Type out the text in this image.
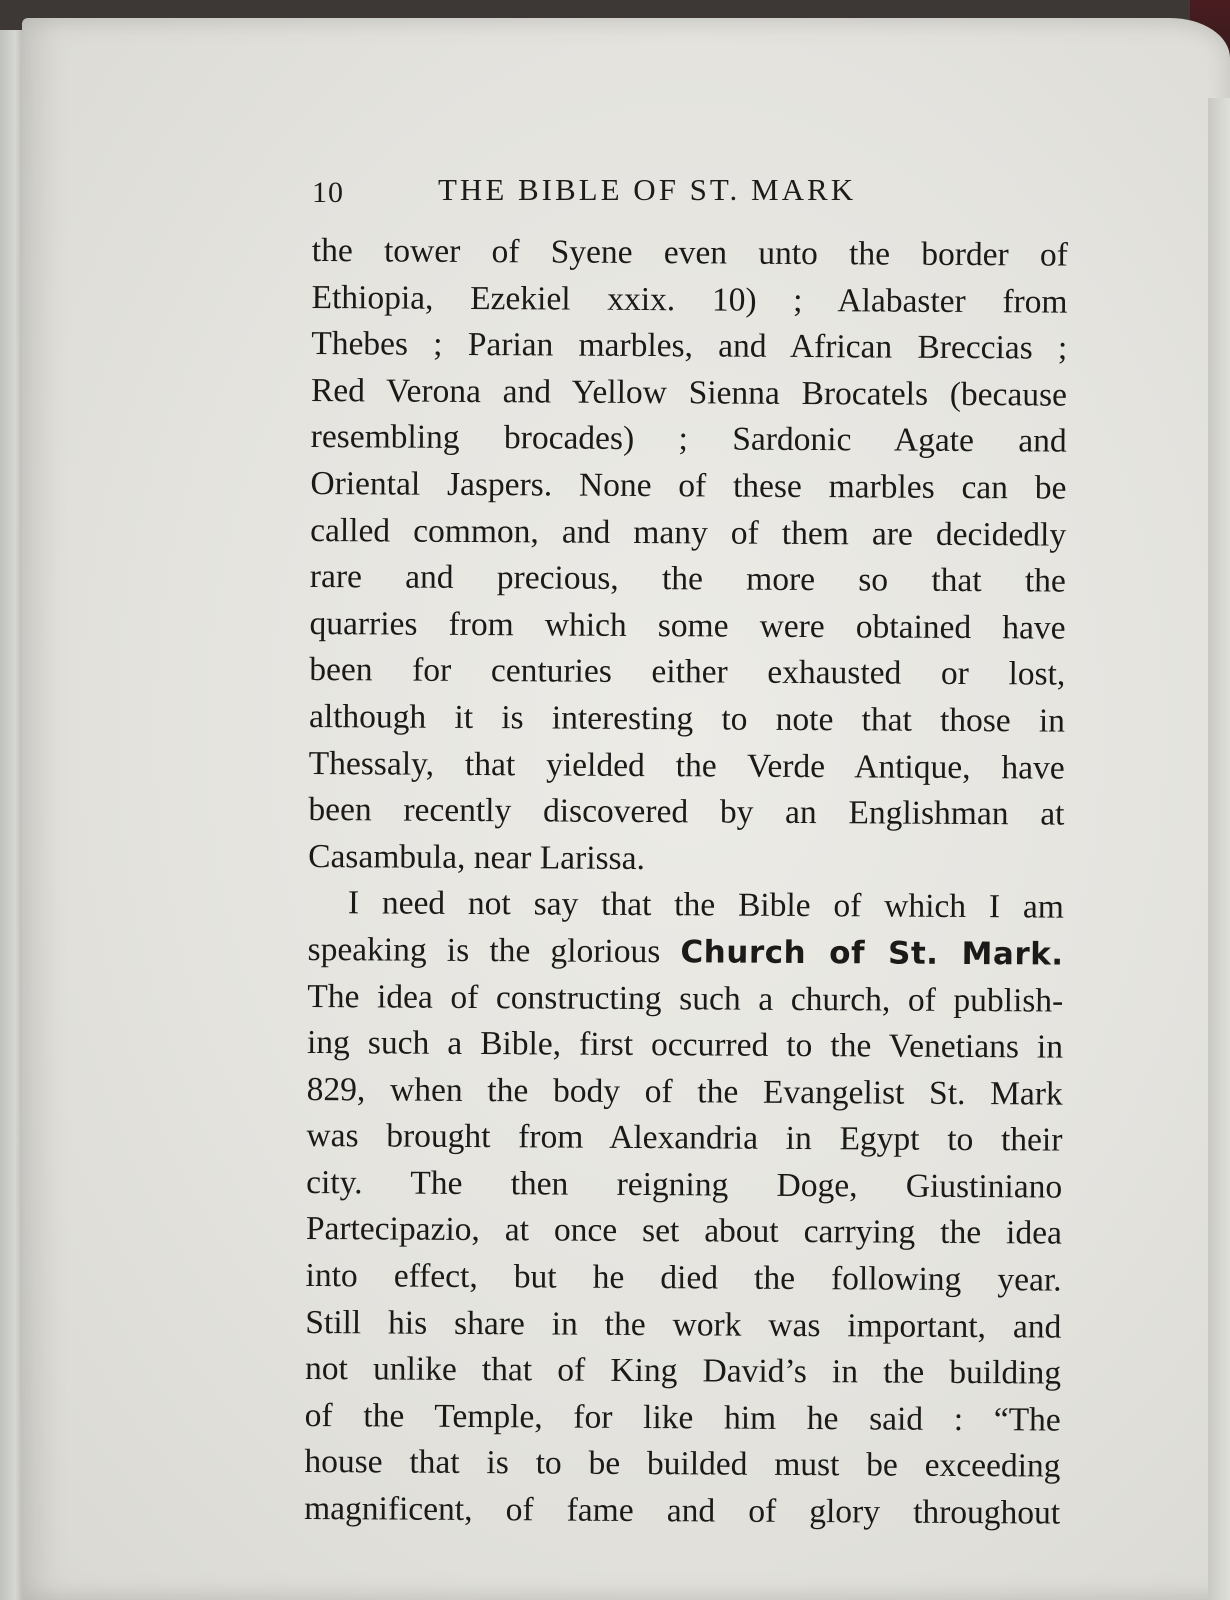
10	THE BIBLE OF ST. MARK
the tower of Syene even unto the border of
Ethiopia, Ezekiel xxix. 10) ; Alabaster from
Thebes ; Parian marbles, and African Breccias ;
Red Verona and Yellow Sienna Brocatels (because
resembling brocades) ; Sardonic Agate and
Oriental Jaspers. None of these marbles can be
called common, and many of them are decidedly
rare and precious, the more so that the
quarries from which some were obtained have
been for centuries either exhausted or lost,
although it is interesting to note that those in
Thessaly, that yielded the Verde Antique, have
been recently discovered by an Englishman at
Casambula, near Larissa.
I need not say that the Bible of which I am
speaking is the glorious Church of St. Mark.
The idea of constructing such a church, of publish-
ing such a Bible, first occurred to the Venetians in
829, when the body of the Evangelist St. Mark
was brought from Alexandria in Egypt to their
city. The then reigning Doge, Giustiniano
Partecipazio, at once set about carrying the idea
into effect, but he died the following year.
Still his share in the work was important, and
not unlike that of King David’s in the building
of the Temple, for like him he said : “The
house that is to be builded must be exceeding
magnificent, of fame and of glory throughout
